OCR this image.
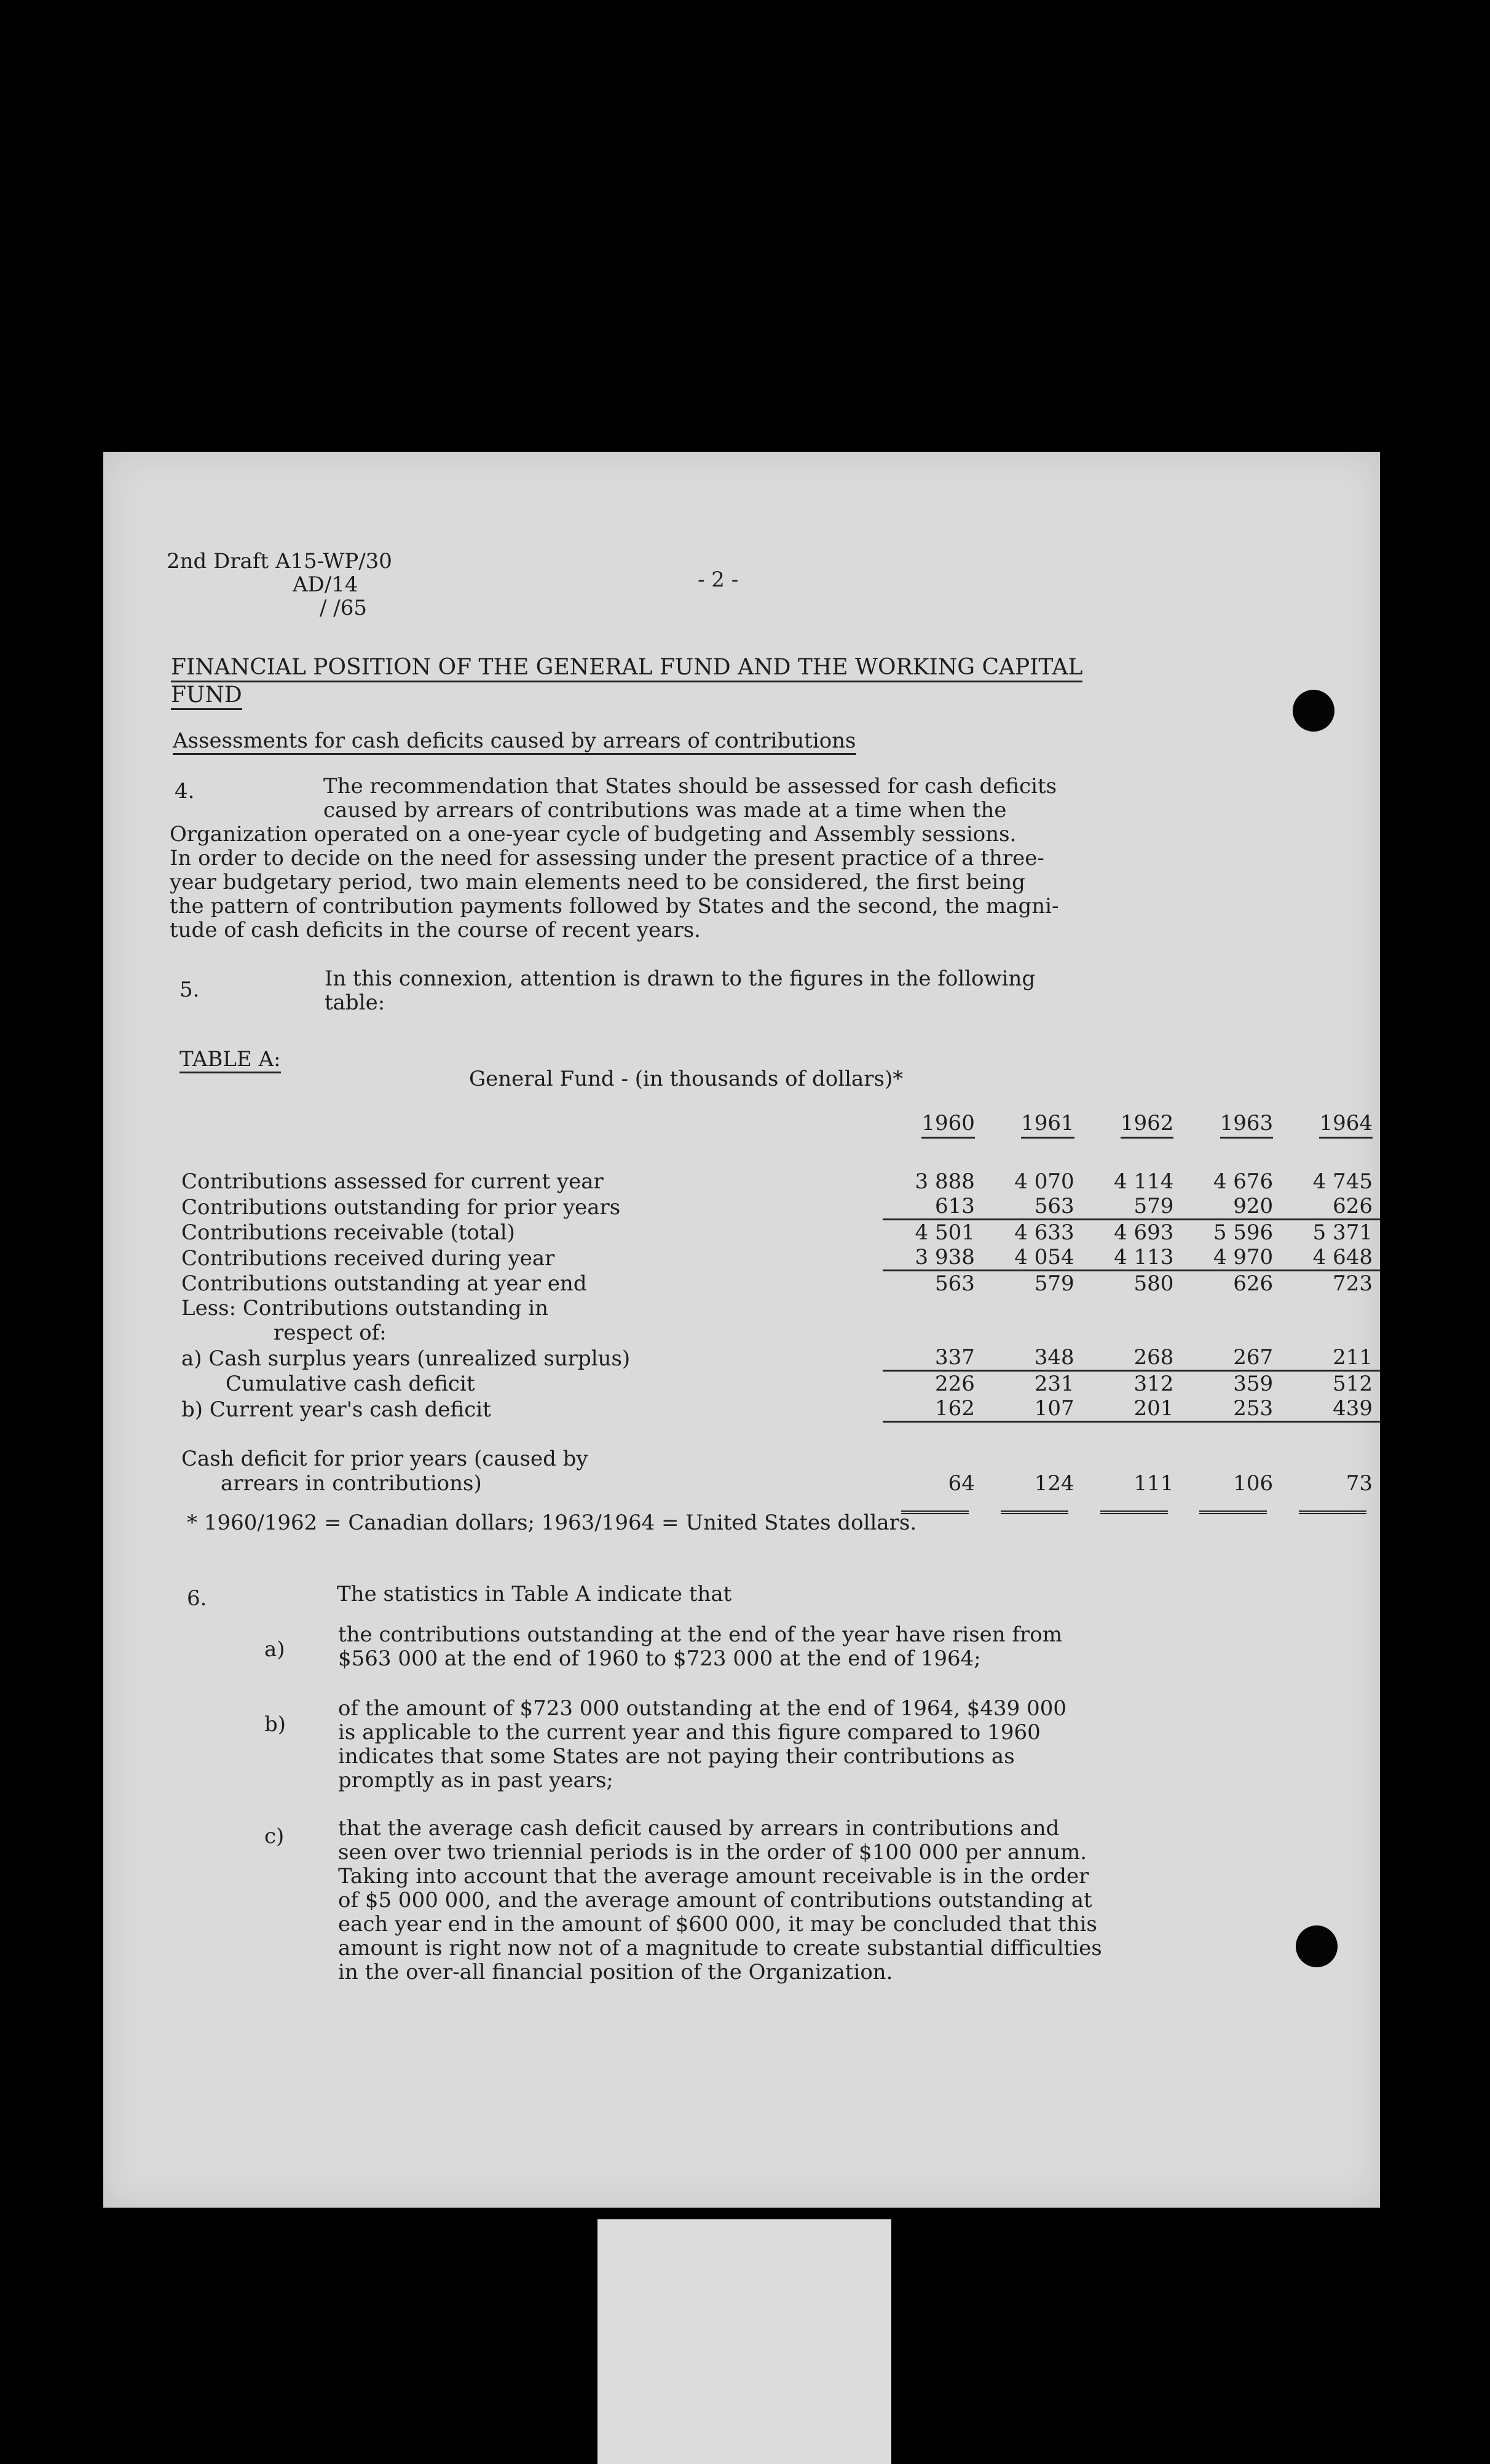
2nd Draft A15-WP/30
AD/14
/ /65
- 2 -
FINANCIAL POSITION OF THE GENERAL FUND AND THE WORKING CAPITAL
FUND
Assessments for cash deficits caused by arrears of contributions
4.	The recommendation that States should be assessed for cash deficits
caused by arrears of contributions was made at a time when the
Organization operated on a one-year cycle of budgeting and Assembly sessions.
In order to decide on the need for assessing under the present practice of a three-
year budgetary period, two main elements need to be considered, the first being
the pattern of contribution payments followed by States and the second, the magni-
tude of cash deficits in the course of recent years.
5.	In this connexion, attention is drawn to the figures in the following
table:
TABLE A:
General Fund - (in thousands of dollars)*
	1960	1961	1962	1963	1964

Contributions assessed for current year	3 888	4 070	4 114	4 676	4 745
Contributions outstanding for prior years	613	563	579	920	626
Contributions receivable (total)	4 501	4 633	4 693	5 596	5 371
Contributions received during year	3 938	4 054	4 113	4 970	4 648
Contributions outstanding at year end	563	579	580	626	723
Less: Contributions outstanding in					
respect of:					
a) Cash surplus years (unrealized surplus)	337	348	268	267	211
Cumulative cash deficit	226	231	312	359	512
b) Current year's cash deficit	162	107	201	253	439

Cash deficit for prior years (caused by					
arrears in contributions)	64	124	111	106	73

* 1960/1962 = Canadian dollars; 1963/1964 = United States dollars.
6.	The statistics in Table A indicate that
a)
the contributions outstanding at the end of the year have risen from
$563 000 at the end of 1960 to $723 000 at the end of 1964;
b)
of the amount of $723 000 outstanding at the end of 1964, $439 000
is applicable to the current year and this figure compared to 1960
indicates that some States are not paying their contributions as
promptly as in past years;
c)	that the average cash deficit caused by arrears in contributions and
seen over two triennial periods is in the order of $100 000 per annum.
Taking into account that the average amount receivable is in the order
of $5 000 000, and the average amount of contributions outstanding at
each year end in the amount of $600 000, it may be concluded that this
amount is right now not of a magnitude to create substantial difficulties
in the over-all financial position of the Organization.
